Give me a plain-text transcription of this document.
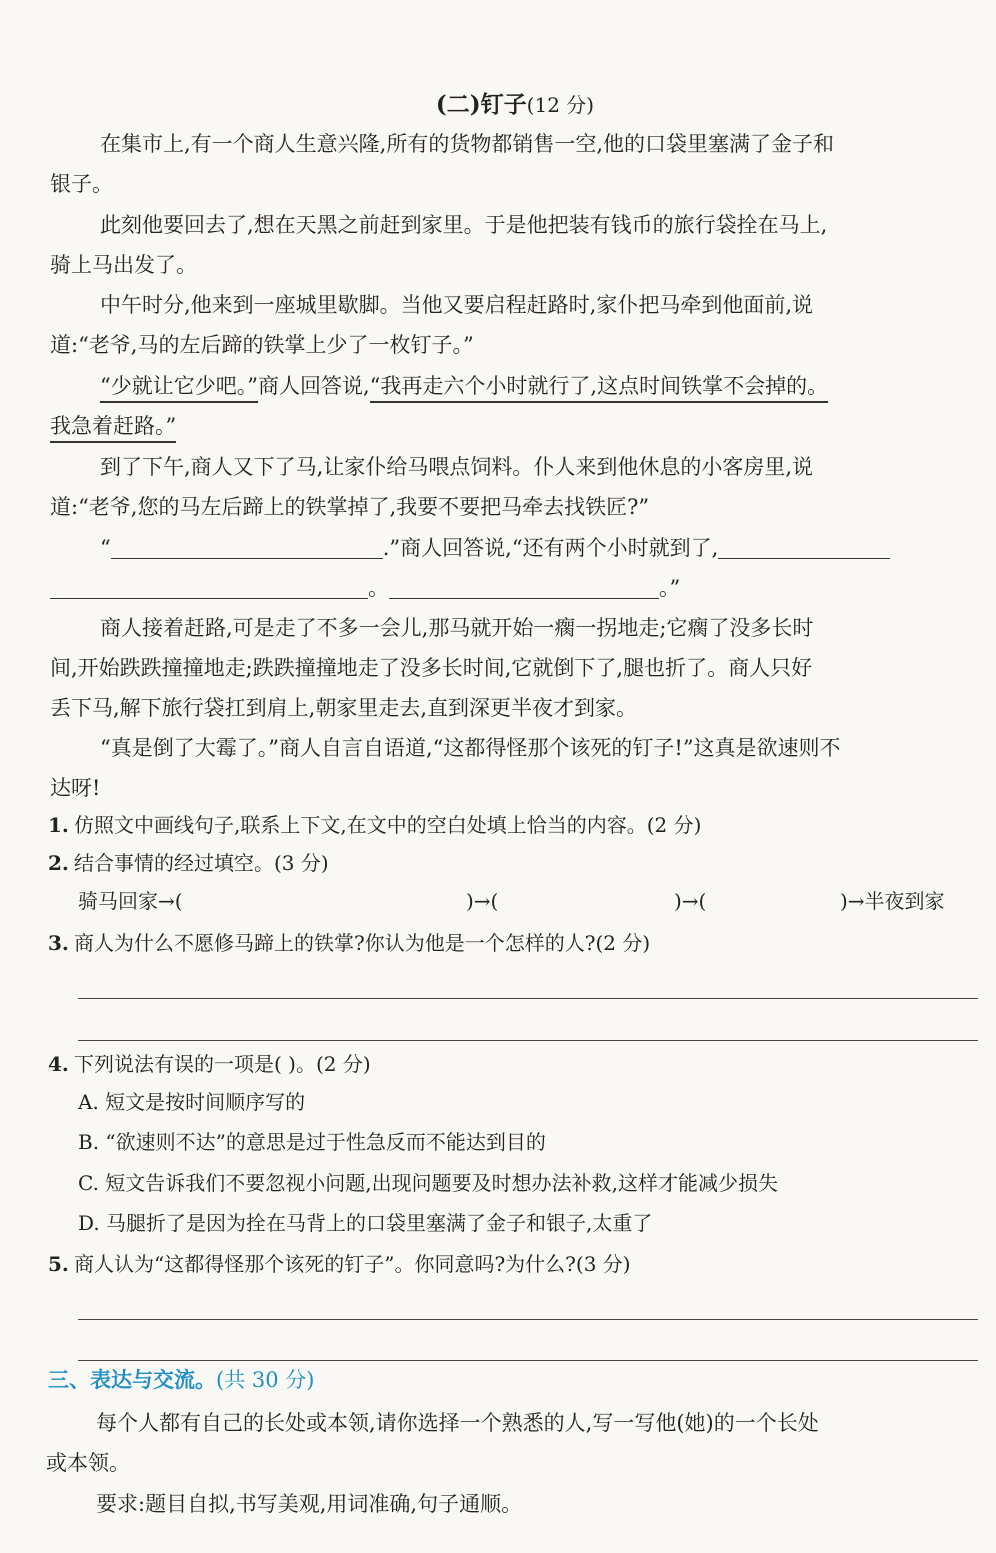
(二)钉子(12 分)
在集市上,有一个商人生意兴隆,所有的货物都销售一空,他的口袋里塞满了金子和
银子。
此刻他要回去了,想在天黑之前赶到家里。于是他把装有钱币的旅行袋拴在马上,
骑上马出发了。
中午时分,他来到一座城里歇脚。当他又要启程赶路时,家仆把马牵到他面前,说
道:“老爷,马的左后蹄的铁掌上少了一枚钉子。”
“少就让它少吧。”商人回答说,“我再走六个小时就行了,这点时间铁掌不会掉的。
我急着赶路。”
到了下午,商人又下了马,让家仆给马喂点饲料。仆人来到他休息的小客房里,说
道:“老爷,您的马左后蹄上的铁掌掉了,我要不要把马牵去找铁匠?”
“	.”商人回答说,“还有两个小时就到了,
。	。”
商人接着赶路,可是走了不多一会儿,那马就开始一瘸一拐地走;它瘸了没多长时
间,开始跌跌撞撞地走;跌跌撞撞地走了没多长时间,它就倒下了,腿也折了。商人只好
丢下马,解下旅行袋扛到肩上,朝家里走去,直到深更半夜才到家。
“真是倒了大霉了。”商人自言自语道,“这都得怪那个该死的钉子!”这真是欲速则不
达呀!
1. 仿照文中画线句子,联系上下文,在文中的空白处填上恰当的内容。(2 分)
2. 结合事情的经过填空。(3 分)
骑马回家→(	)→(	)→(	)→半夜到家
3. 商人为什么不愿修马蹄上的铁掌?你认为他是一个怎样的人?(2 分)
4. 下列说法有误的一项是( )。(2 分)
A. 短文是按时间顺序写的
B. “欲速则不达”的意思是过于性急反而不能达到目的
C. 短文告诉我们不要忽视小问题,出现问题要及时想办法补救,这样才能减少损失
D. 马腿折了是因为拴在马背上的口袋里塞满了金子和银子,太重了
5. 商人认为“这都得怪那个该死的钉子”。你同意吗?为什么?(3 分)
三、表达与交流。(共 30 分)
每个人都有自己的长处或本领,请你选择一个熟悉的人,写一写他(她)的一个长处
或本领。
要求:题目自拟,书写美观,用词准确,句子通顺。
